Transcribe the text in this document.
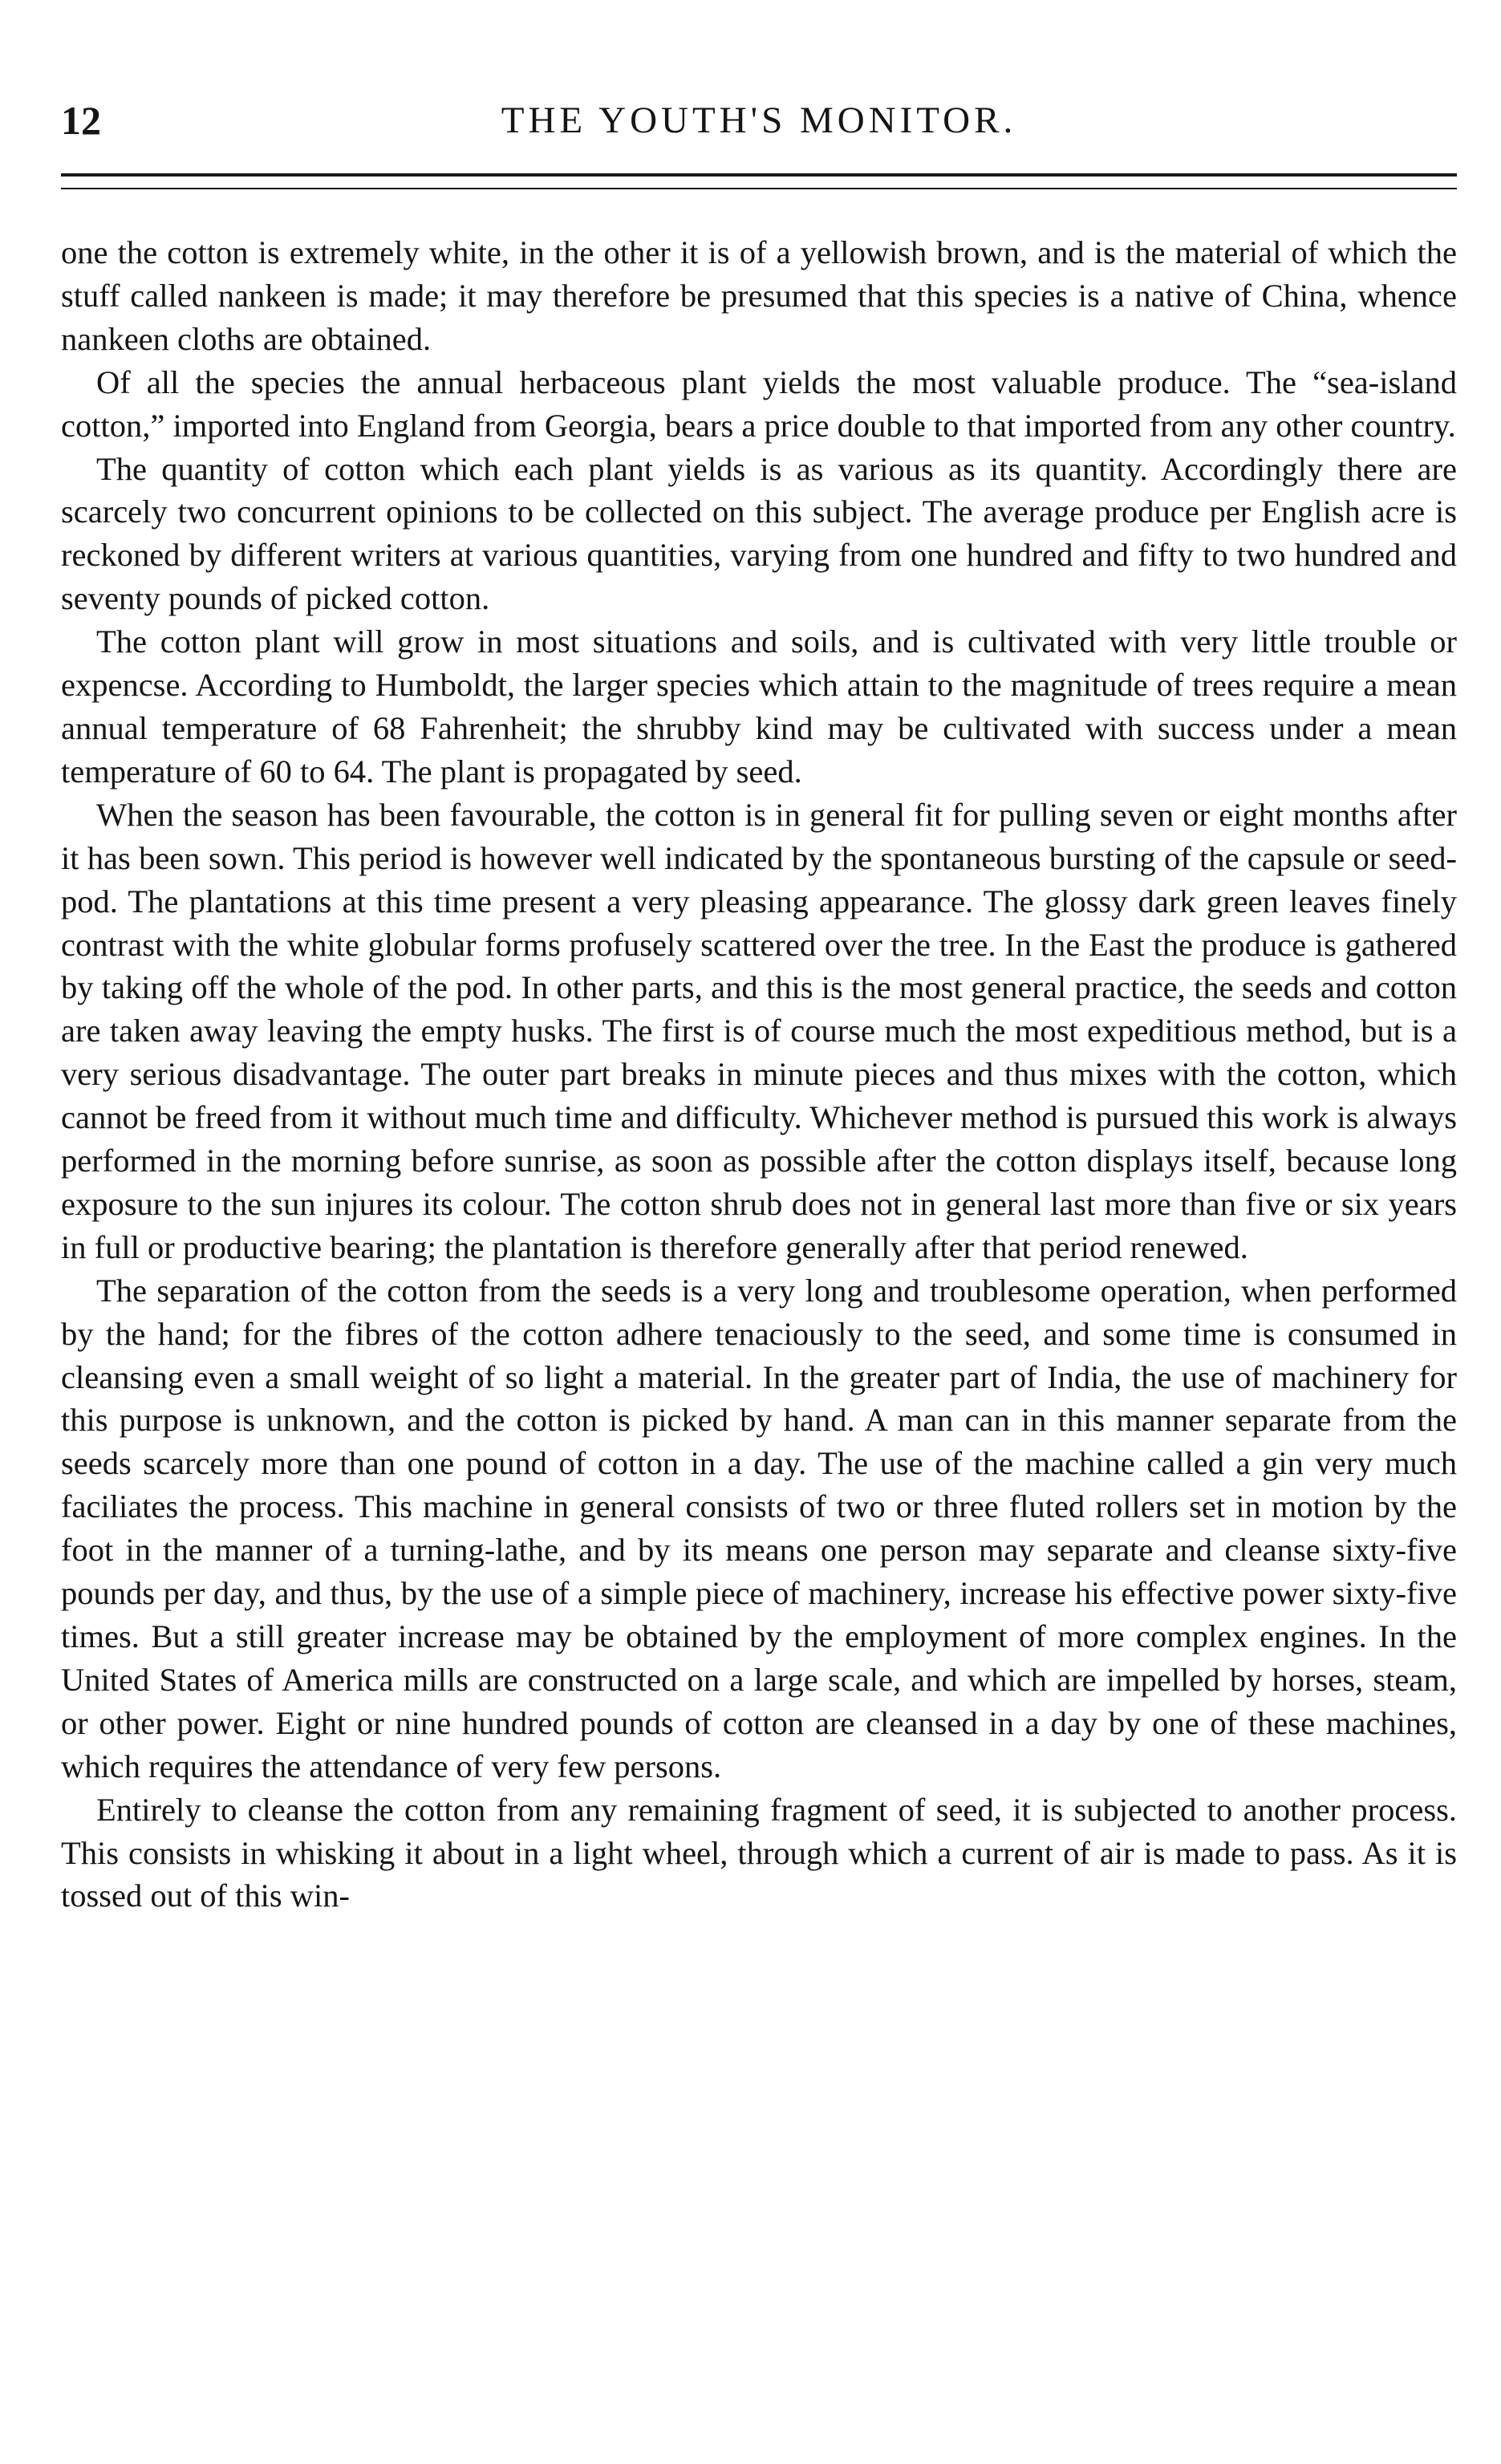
12	THE YOUTH'S MONITOR.

one the cotton is extremely white, in the other it is of a yellowish brown, and is the material of which the stuff called nankeen is made; it may therefore be presumed that this species is a native of China, whence nankeen cloths are obtained.

Of all the species the annual herbaceous plant yields the most valuable produce. The “sea-island cotton,” imported into England from Georgia, bears a price double to that imported from any other country.

The quantity of cotton which each plant yields is as various as its quantity. Accordingly there are scarcely two concurrent opinions to be collected on this subject. The average produce per English acre is reckoned by different writers at various quantities, varying from one hundred and fifty to two hundred and seventy pounds of picked cotton.

The cotton plant will grow in most situations and soils, and is cultivated with very little trouble or expencse. According to Humboldt, the larger species which attain to the magnitude of trees require a mean annual temperature of 68 Fahrenheit; the shrubby kind may be cultivated with success under a mean temperature of 60 to 64. The plant is propagated by seed.

When the season has been favourable, the cotton is in general fit for pulling seven or eight months after it has been sown. This period is however well indicated by the spontaneous bursting of the capsule or seed-pod. The plantations at this time present a very pleasing appearance. The glossy dark green leaves finely contrast with the white globular forms profusely scattered over the tree. In the East the produce is gathered by taking off the whole of the pod. In other parts, and this is the most general practice, the seeds and cotton are taken away leaving the empty husks. The first is of course much the most expeditious method, but is a very serious disadvantage. The outer part breaks in minute pieces and thus mixes with the cotton, which cannot be freed from it without much time and difficulty. Whichever method is pursued this work is always performed in the morning before sunrise, as soon as possible after the cotton displays itself, because long exposure to the sun injures its colour. The cotton shrub does not in general last more than five or six years in full or productive bearing; the plantation is therefore generally after that period renewed.

The separation of the cotton from the seeds is a very long and troublesome operation, when performed by the hand; for the fibres of the cotton adhere tenaciously to the seed, and some time is consumed in cleansing even a small weight of so light a material. In the greater part of India, the use of machinery for this purpose is unknown, and the cotton is picked by hand. A man can in this manner separate from the seeds scarcely more than one pound of cotton in a day. The use of the machine called a gin very much faciliates the process. This machine in general consists of two or three fluted rollers set in motion by the foot in the manner of a turning-lathe, and by its means one person may separate and cleanse sixty-five pounds per day, and thus, by the use of a simple piece of machinery, increase his effective power sixty-five times. But a still greater increase may be obtained by the employment of more complex engines. In the United States of America mills are constructed on a large scale, and which are impelled by horses, steam, or other power. Eight or nine hundred pounds of cotton are cleansed in a day by one of these machines, which requires the attendance of very few persons.

Entirely to cleanse the cotton from any remaining fragment of seed, it is subjected to another process. This consists in whisking it about in a light wheel, through which a current of air is made to pass. As it is tossed out of this win-
